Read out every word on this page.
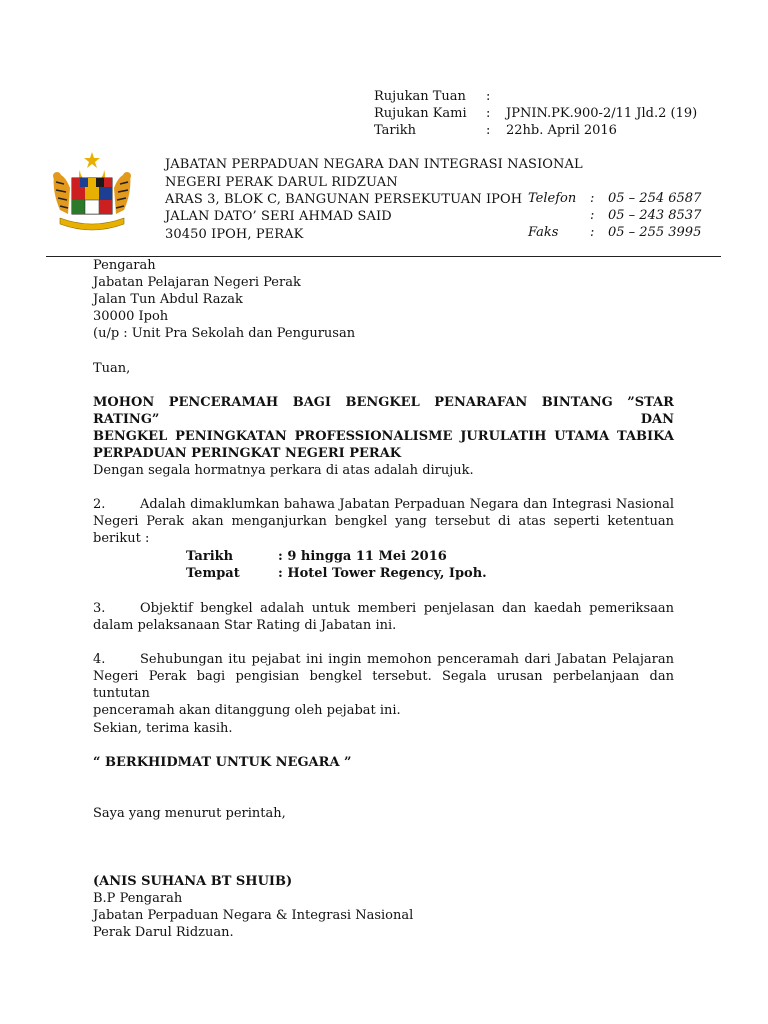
Rujukan Tuan :
Rujukan Kami : JPNIN.PK.900-2/11 Jld.2 (19)
Tarikh	: 22hb. April 2016
JABATAN PERPADUAN NEGARA DAN INTEGRASI NASIONAL
NEGERI PERAK DARUL RIDZUAN
ARAS 3, BLOK C, BANGUNAN PERSEKUTUAN IPOH
JALAN DATO’ SERI AHMAD SAID
30450 IPOH, PERAK
Telefon : 05 – 254 6587
: 05 – 243 8537
Faks : 05 – 255 3995
Pengarah
Jabatan Pelajaran Negeri Perak
Jalan Tun Abdul Razak
30000 Ipoh
(u/p : Unit Pra Sekolah dan Pengurusan
Tuan,
MOHON PENCERAMAH BAGI BENGKEL PENARAFAN BINTANG ”STAR RATING” DAN
BENGKEL PENINGKATAN PROFESSIONALISME JURULATIH UTAMA TABIKA
PERPADUAN PERINGKAT NEGERI PERAK
Dengan segala hormatnya perkara di atas adalah dirujuk.
2.	Adalah dimaklumkan bahawa Jabatan Perpaduan Negara dan Integrasi Nasional
Negeri Perak akan menganjurkan bengkel yang tersebut di atas seperti ketentuan
berikut :
Tarikh	: 9 hingga 11 Mei 2016
Tempat	: Hotel Tower Regency, Ipoh.
3.	Objektif bengkel adalah untuk memberi penjelasan dan kaedah pemeriksaan
dalam pelaksanaan Star Rating di Jabatan ini.
4.	Sehubungan itu pejabat ini ingin memohon penceramah dari Jabatan Pelajaran
Negeri Perak bagi pengisian bengkel tersebut. Segala urusan perbelanjaan dan tuntutan
penceramah akan ditanggung oleh pejabat ini.
Sekian, terima kasih.
“ BERKHIDMAT UNTUK NEGARA ”
Saya yang menurut perintah,
(ANIS SUHANA BT SHUIB)
B.P Pengarah
Jabatan Perpaduan Negara & Integrasi Nasional
Perak Darul Ridzuan.
